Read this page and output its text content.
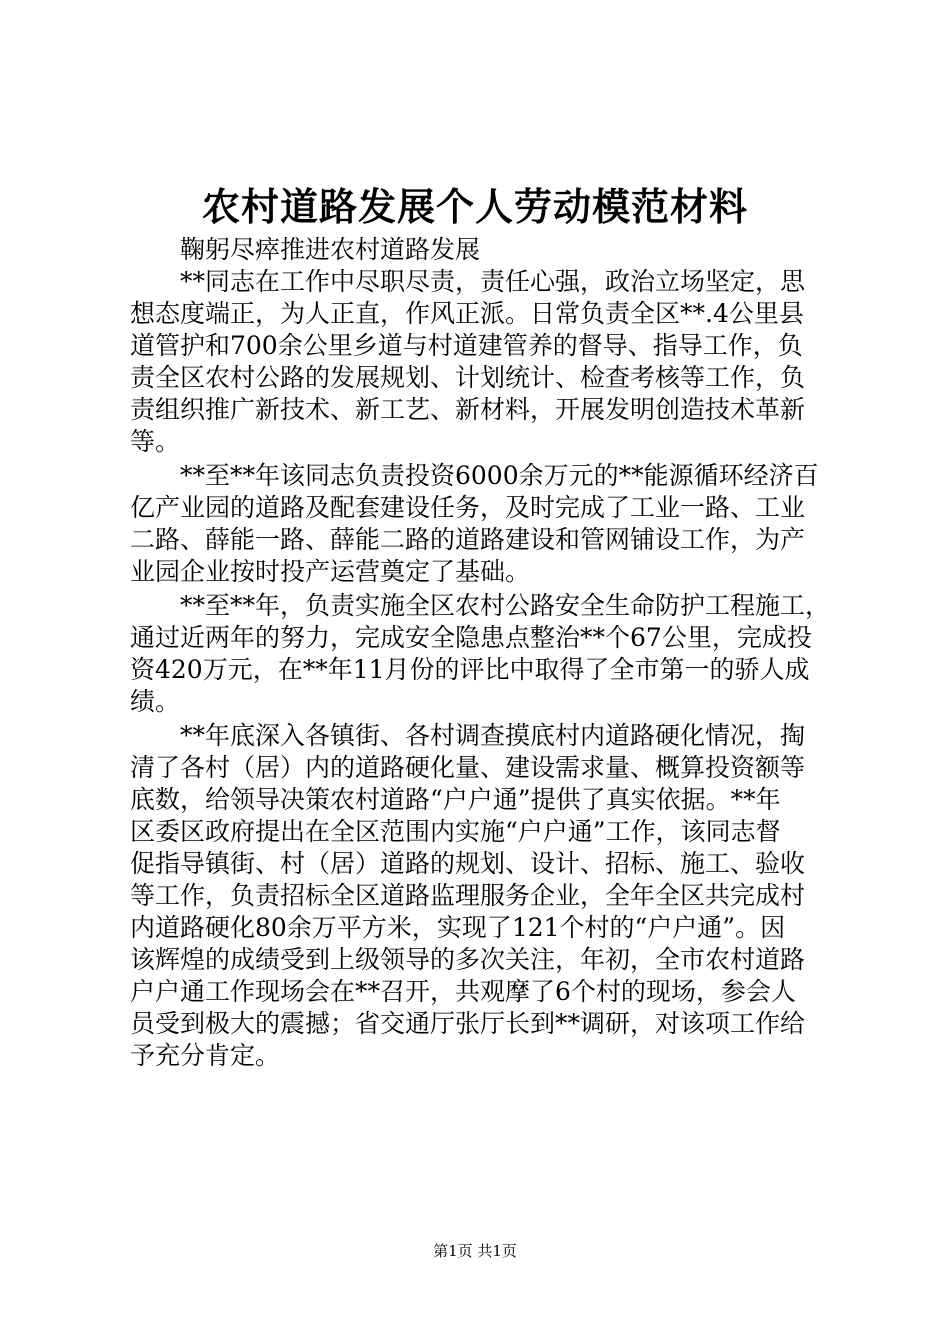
农村道路发展个人劳动模范材料
鞠躬尽瘁推进农村道路发展
**同志在工作中尽职尽责，责任心强，政治立场坚定，思
想态度端正，为人正直，作风正派。日常负责全区**.4公里县
道管护和700余公里乡道与村道建管养的督导、指导工作，负
责全区农村公路的发展规划、计划统计、检查考核等工作，负
责组织推广新技术、新工艺、新材料，开展发明创造技术革新
等。
**至**年该同志负责投资6000余万元的**能源循环经济百
亿产业园的道路及配套建设任务，及时完成了工业一路、工业
二路、薛能一路、薛能二路的道路建设和管网铺设工作，为产
业园企业按时投产运营奠定了基础。
**至**年，负责实施全区农村公路安全生命防护工程施工，
通过近两年的努力，完成安全隐患点整治**个67公里，完成投
资420万元，在**年11月份的评比中取得了全市第一的骄人成
绩。
**年底深入各镇街、各村调查摸底村内道路硬化情况，掏
清了各村（居）内的道路硬化量、建设需求量、概算投资额等
底数，给领导决策农村道路“户户通”提供了真实依据。**年
区委区政府提出在全区范围内实施“户户通”工作，该同志督
促指导镇街、村（居）道路的规划、设计、招标、施工、验收
等工作，负责招标全区道路监理服务企业，全年全区共完成村
内道路硬化80余万平方米，实现了121个村的“户户通”。因
该辉煌的成绩受到上级领导的多次关注，年初，全市农村道路
户户通工作现场会在**召开，共观摩了6个村的现场，参会人
员受到极大的震撼；省交通厅张厅长到**调研，对该项工作给
予充分肯定。
第1页 共1页
